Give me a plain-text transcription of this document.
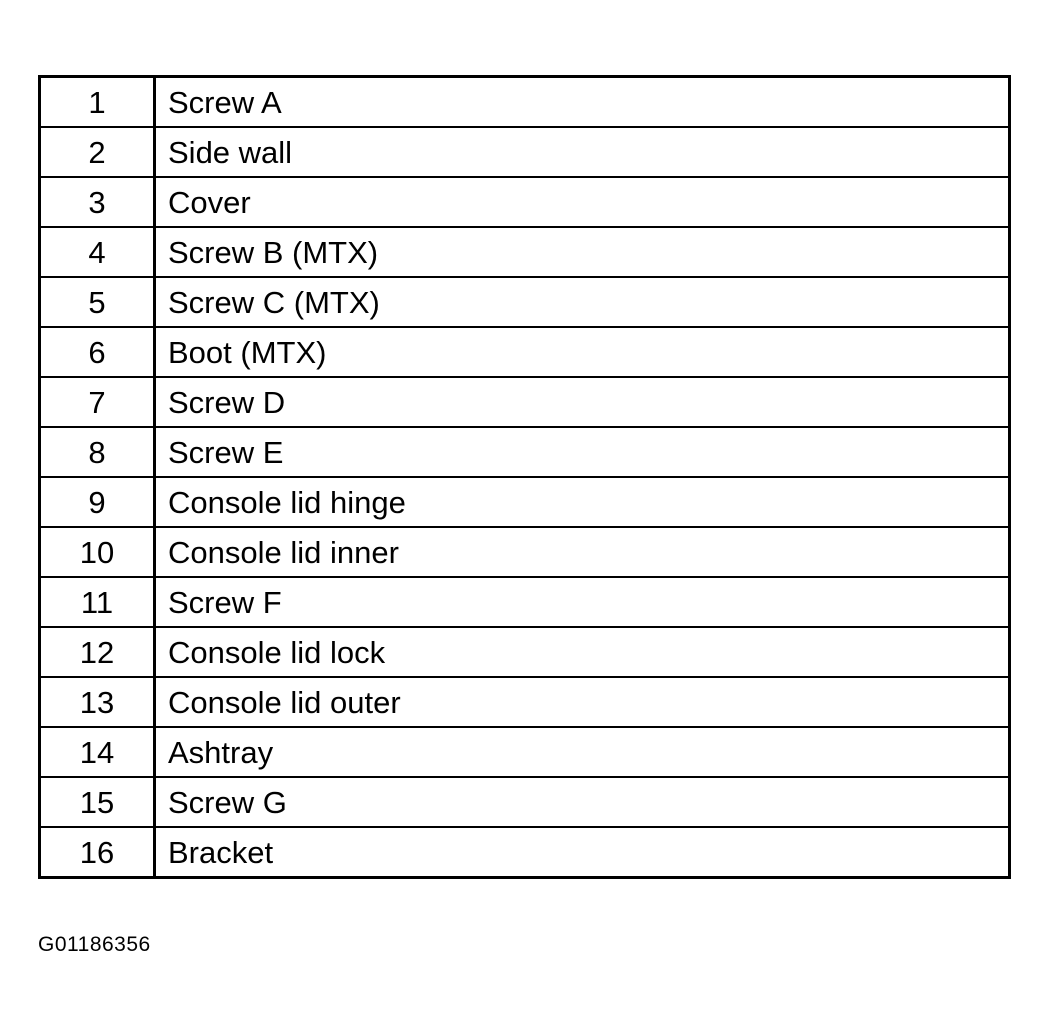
1	Screw A
2	Side wall
3	Cover
4	Screw B (MTX)
5	Screw C (MTX)
6	Boot (MTX)
7	Screw D
8	Screw E
9	Console lid hinge
10	Console lid inner
11	Screw F
12	Console lid lock
13	Console lid outer
14	Ashtray
15	Screw G
16	Bracket
G01186356
